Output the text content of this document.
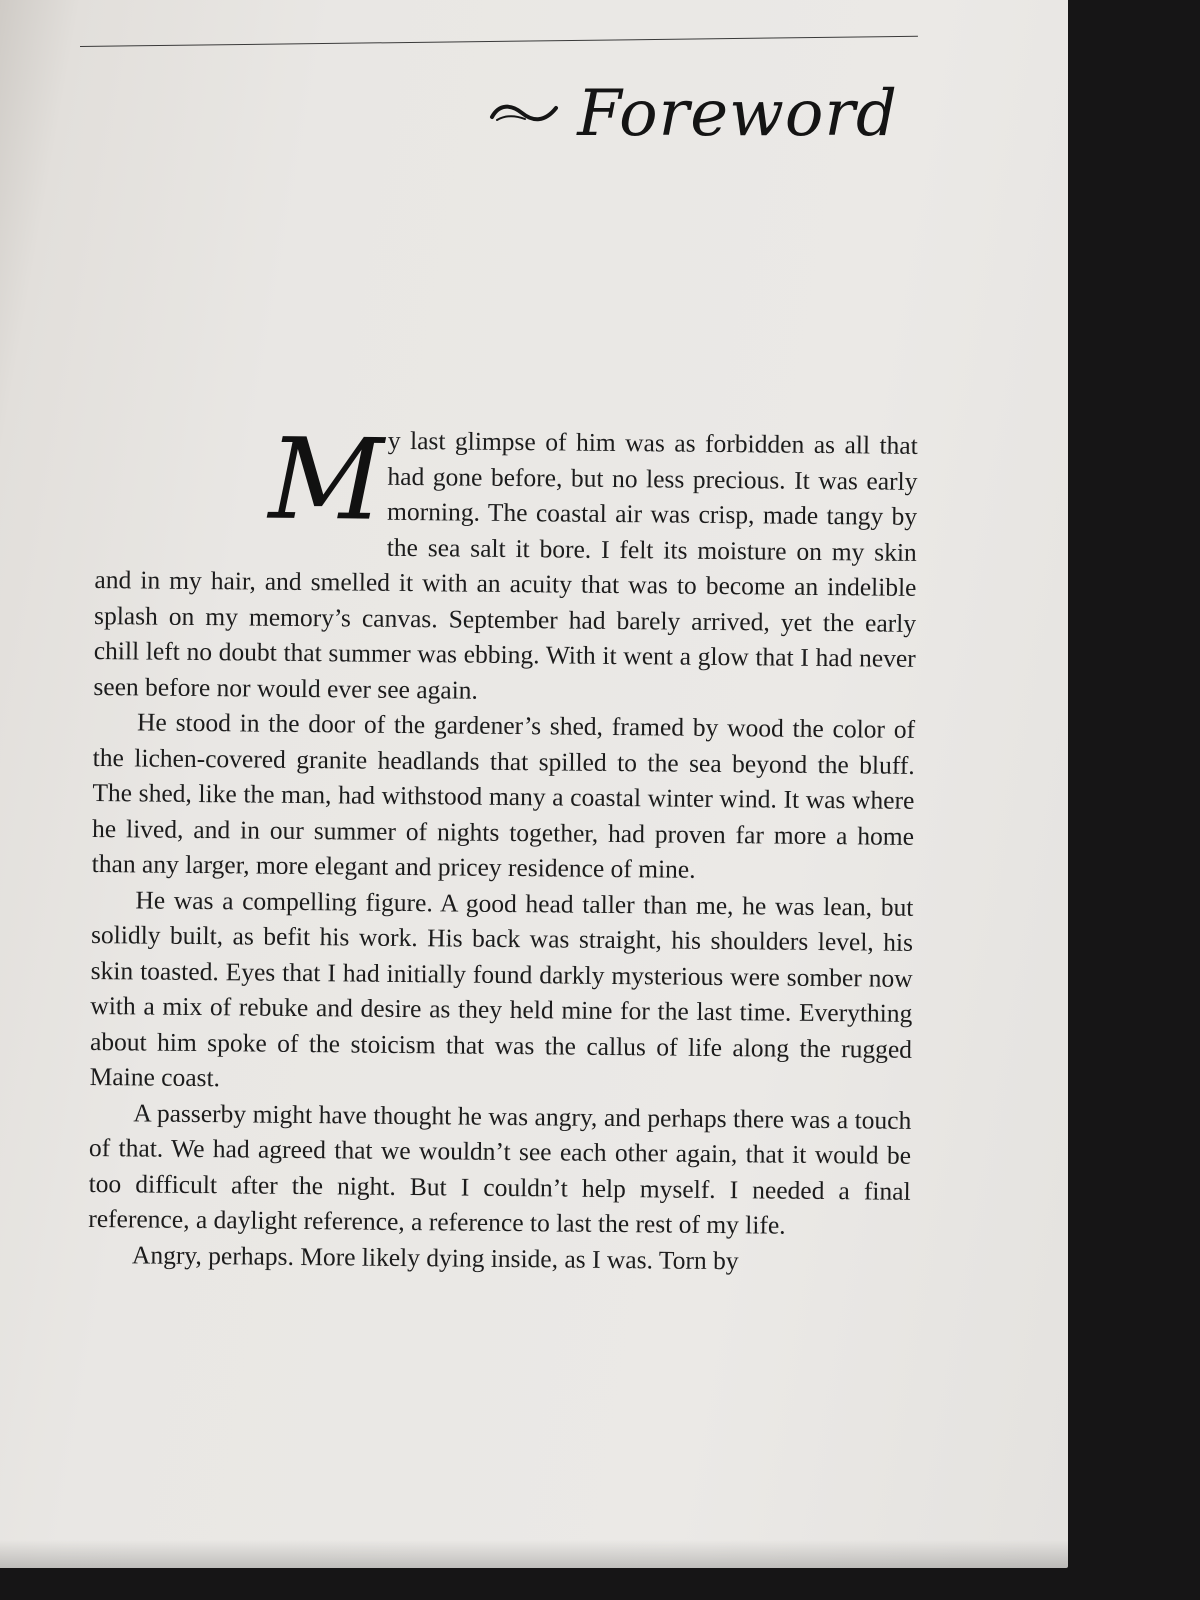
Foreword

M y last glimpse of him was as forbidden as all that had gone before, but no less precious. It was early morning. The coastal air was crisp, made tangy by the sea salt it bore. I felt its moisture on my skin and in my hair, and smelled it with an acuity that was to become an indelible splash on my memory’s canvas. September had barely arrived, yet the early chill left no doubt that summer was ebbing. With it went a glow that I had never seen before nor would ever see again.

He stood in the door of the gardener’s shed, framed by wood the color of the lichen-covered granite headlands that spilled to the sea beyond the bluff. The shed, like the man, had withstood many a coastal winter wind. It was where he lived, and in our summer of nights together, had proven far more a home than any larger, more elegant and pricey residence of mine.

He was a compelling figure. A good head taller than me, he was lean, but solidly built, as befit his work. His back was straight, his shoulders level, his skin toasted. Eyes that I had initially found darkly mysterious were somber now with a mix of rebuke and desire as they held mine for the last time. Everything about him spoke of the stoicism that was the callus of life along the rugged Maine coast.

A passerby might have thought he was angry, and perhaps there was a touch of that. We had agreed that we wouldn’t see each other again, that it would be too difficult after the night. But I couldn’t help myself. I needed a final reference, a daylight reference, a reference to last the rest of my life.

Angry, perhaps. More likely dying inside, as I was. Torn by
